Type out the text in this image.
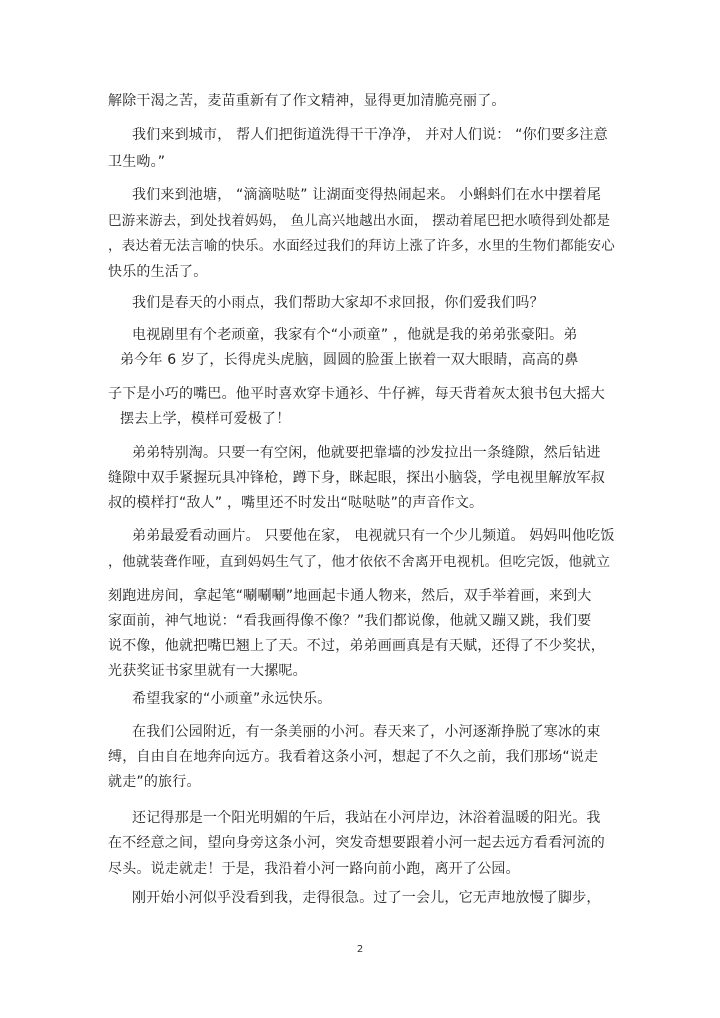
解除干渴之苦，麦苗重新有了作文精神，显得更加清脆亮丽了。
我们来到城市， 帮人们把街道洗得干干净净， 并对人们说： “你们要多注意
卫生呦。”
我们来到池塘， “滴滴哒哒” 让湖面变得热闹起来。 小蝌蚪们在水中摆着尾
巴游来游去，到处找着妈妈， 鱼儿高兴地越出水面， 摆动着尾巴把水喷得到处都是
，表达着无法言喻的快乐。水面经过我们的拜访上涨了许多，水里的生物们都能安心
快乐的生活了。
我们是春天的小雨点，我们帮助大家却不求回报，你们爱我们吗？
电视剧里有个老顽童，我家有个“小顽童” ，他就是我的弟弟张豪阳。弟
弟今年 6 岁了，长得虎头虎脑，圆圆的脸蛋上嵌着一双大眼睛，高高的鼻
子下是小巧的嘴巴。他平时喜欢穿卡通衫、牛仔裤，每天背着灰太狼书包大摇大
摆去上学，模样可爱极了！
弟弟特别淘。只要一有空闲，他就要把靠墙的沙发拉出一条缝隙，然后钻进
缝隙中双手紧握玩具冲锋枪，蹲下身，眯起眼，探出小脑袋，学电视里解放军叔
叔的模样打“敌人” ，嘴里还不时发出“哒哒哒”的声音作文。
弟弟最爱看动画片。 只要他在家， 电视就只有一个少儿频道。 妈妈叫他吃饭
，他就装聋作哑，直到妈妈生气了，他才依依不舍离开电视机。但吃完饭，他就立
刻跑进房间，拿起笔“唰唰唰”地画起卡通人物来，然后，双手举着画，来到大
家面前，神气地说：“看我画得像不像？”我们都说像，他就又蹦又跳，我们要
说不像，他就把嘴巴翘上了天。不过，弟弟画画真是有天赋，还得了不少奖状，
光获奖证书家里就有一大摞呢。
希望我家的“小顽童”永远快乐。
在我们公园附近，有一条美丽的小河。春天来了，小河逐渐挣脱了寒冰的束
缚，自由自在地奔向远方。我看着这条小河，想起了不久之前，我们那场“说走
就走”的旅行。
还记得那是一个阳光明媚的午后，我站在小河岸边，沐浴着温暖的阳光。我
在不经意之间，望向身旁这条小河，突发奇想要跟着小河一起去远方看看河流的
尽头。说走就走！于是，我沿着小河一路向前小跑，离开了公园。
刚开始小河似乎没看到我，走得很急。过了一会儿，它无声地放慢了脚步，
2
